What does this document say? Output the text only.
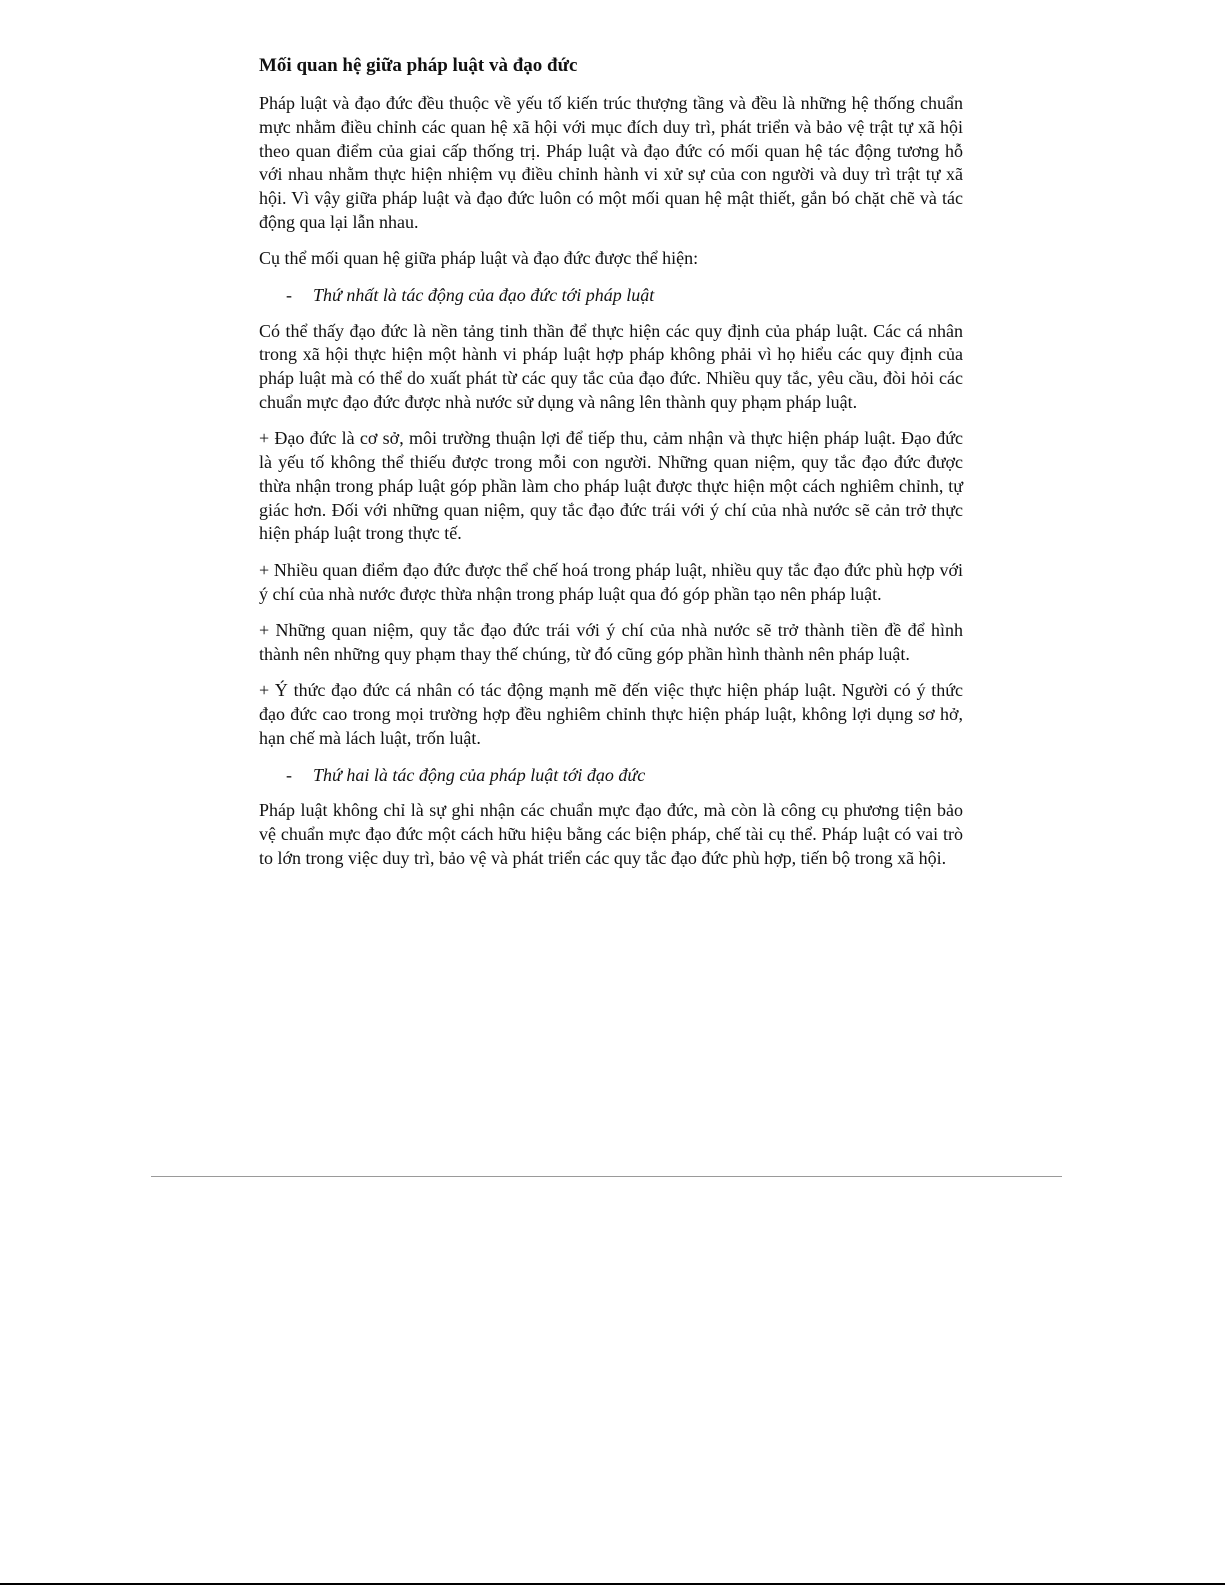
Mối quan hệ giữa pháp luật và đạo đức

Pháp luật và đạo đức đều thuộc về yếu tố kiến trúc thượng tầng và đều là những hệ thống chuẩn mực nhằm điều chỉnh các quan hệ xã hội với mục đích duy trì, phát triển và bảo vệ trật tự xã hội theo quan điểm của giai cấp thống trị. Pháp luật và đạo đức có mối quan hệ tác động tương hỗ với nhau nhằm thực hiện nhiệm vụ điều chỉnh hành vi xử sự của con người và duy trì trật tự xã hội. Vì vậy giữa pháp luật và đạo đức luôn có một mối quan hệ mật thiết, gắn bó chặt chẽ và tác động qua lại lẫn nhau.

Cụ thể mối quan hệ giữa pháp luật và đạo đức được thể hiện:

- Thứ nhất là tác động của đạo đức tới pháp luật

Có thể thấy đạo đức là nền tảng tinh thần để thực hiện các quy định của pháp luật. Các cá nhân trong xã hội thực hiện một hành vi pháp luật hợp pháp không phải vì họ hiểu các quy định của pháp luật mà có thể do xuất phát từ các quy tắc của đạo đức. Nhiều quy tắc, yêu cầu, đòi hỏi các chuẩn mực đạo đức được nhà nước sử dụng và nâng lên thành quy phạm pháp luật.

+ Đạo đức là cơ sở, môi trường thuận lợi để tiếp thu, cảm nhận và thực hiện pháp luật. Đạo đức là yếu tố không thể thiếu được trong mỗi con người. Những quan niệm, quy tắc đạo đức được thừa nhận trong pháp luật góp phần làm cho pháp luật được thực hiện một cách nghiêm chỉnh, tự giác hơn. Đối với những quan niệm, quy tắc đạo đức trái với ý chí của nhà nước sẽ cản trở thực hiện pháp luật trong thực tế.

+ Nhiều quan điểm đạo đức được thể chế hoá trong pháp luật, nhiều quy tắc đạo đức phù hợp với ý chí của nhà nước được thừa nhận trong pháp luật qua đó góp phần tạo nên pháp luật.

+ Những quan niệm, quy tắc đạo đức trái với ý chí của nhà nước sẽ trở thành tiền đề để hình thành nên những quy phạm thay thế chúng, từ đó cũng góp phần hình thành nên pháp luật.

+ Ý thức đạo đức cá nhân có tác động mạnh mẽ đến việc thực hiện pháp luật. Người có ý thức đạo đức cao trong mọi trường hợp đều nghiêm chỉnh thực hiện pháp luật, không lợi dụng sơ hở, hạn chế mà lách luật, trốn luật.

- Thứ hai là tác động của pháp luật tới đạo đức

Pháp luật không chỉ là sự ghi nhận các chuẩn mực đạo đức, mà còn là công cụ phương tiện bảo vệ chuẩn mực đạo đức một cách hữu hiệu bằng các biện pháp, chế tài cụ thể. Pháp luật có vai trò to lớn trong việc duy trì, bảo vệ và phát triển các quy tắc đạo đức phù hợp, tiến bộ trong xã hội.
